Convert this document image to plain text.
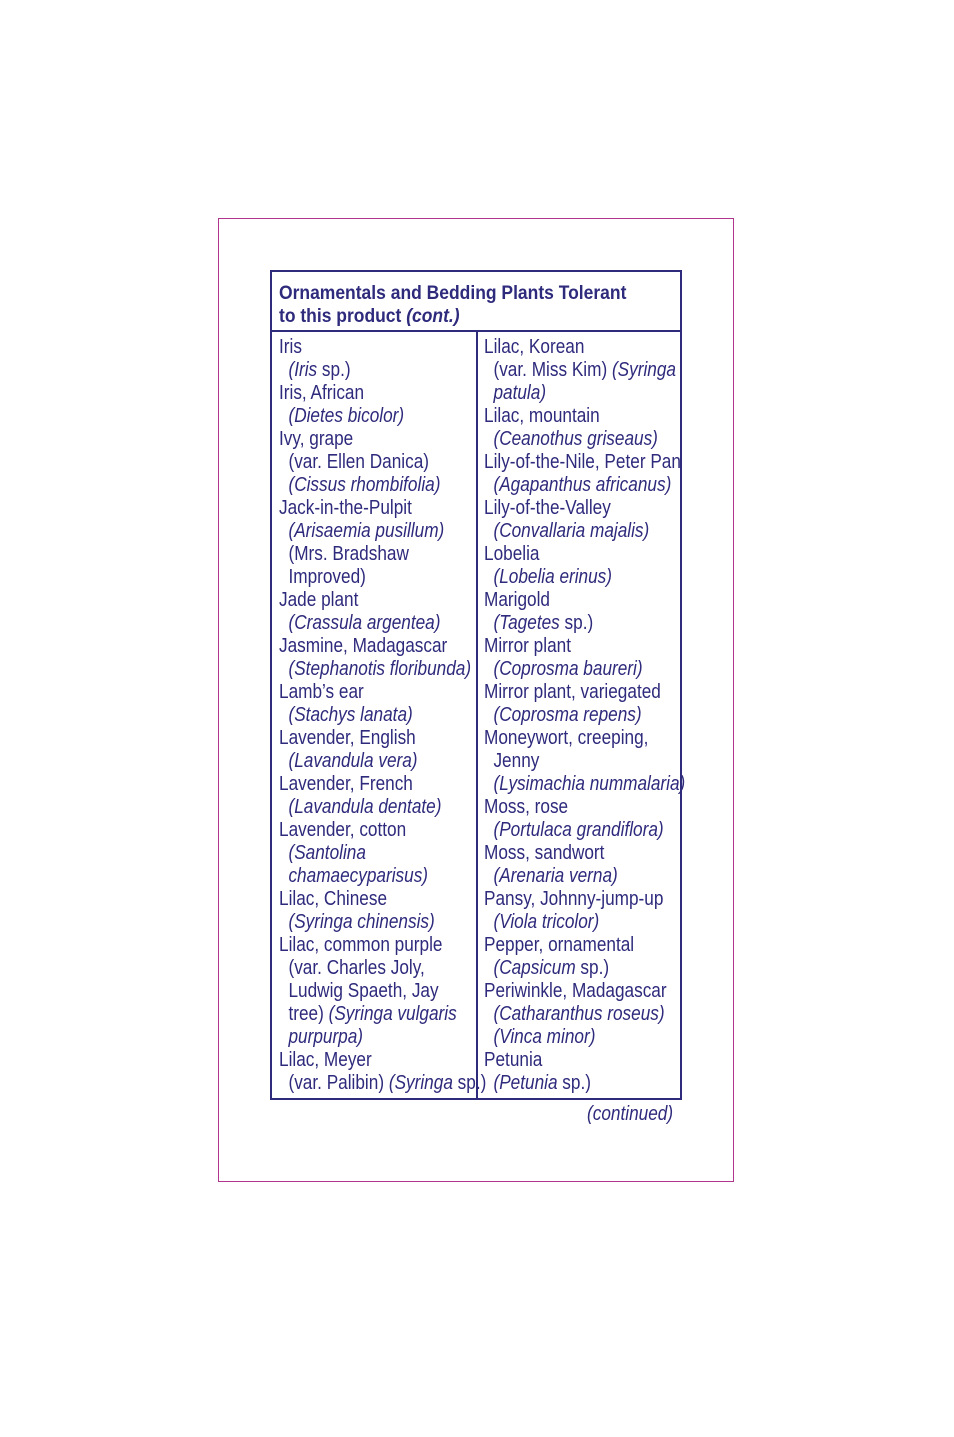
Ornamentals and Bedding Plants Tolerant
to this product (cont.)
Iris
(Iris sp.)
Iris, African
(Dietes bicolor)
Ivy, grape
(var. Ellen Danica)
(Cissus rhombifolia)
Jack-in-the-Pulpit
(Arisaemia pusillum)
(Mrs. Bradshaw
Improved)
Jade plant
(Crassula argentea)
Jasmine, Madagascar
(Stephanotis floribunda)
Lamb’s ear
(Stachys lanata)
Lavender, English
(Lavandula vera)
Lavender, French
(Lavandula dentate)
Lavender, cotton
(Santolina
chamaecyparisus)
Lilac, Chinese
(Syringa chinensis)
Lilac, common purple
(var. Charles Joly,
Ludwig Spaeth, Jay
tree) (Syringa vulgaris
purpurpa)
Lilac, Meyer
(var. Palibin) (Syringa sp.)
Lilac, Korean
(var. Miss Kim) (Syringa
patula)
Lilac, mountain
(Ceanothus griseaus)
Lily-of-the-Nile, Peter Pan
(Agapanthus africanus)
Lily-of-the-Valley
(Convallaria majalis)
Lobelia
(Lobelia erinus)
Marigold
(Tagetes sp.)
Mirror plant
(Coprosma baureri)
Mirror plant, variegated
(Coprosma repens)
Moneywort, creeping,
Jenny
(Lysimachia nummalaria)
Moss, rose
(Portulaca grandiflora)
Moss, sandwort
(Arenaria verna)
Pansy, Johnny-jump-up
(Viola tricolor)
Pepper, ornamental
(Capsicum sp.)
Periwinkle, Madagascar
(Catharanthus roseus)
(Vinca minor)
Petunia
(Petunia sp.)
(continued)
